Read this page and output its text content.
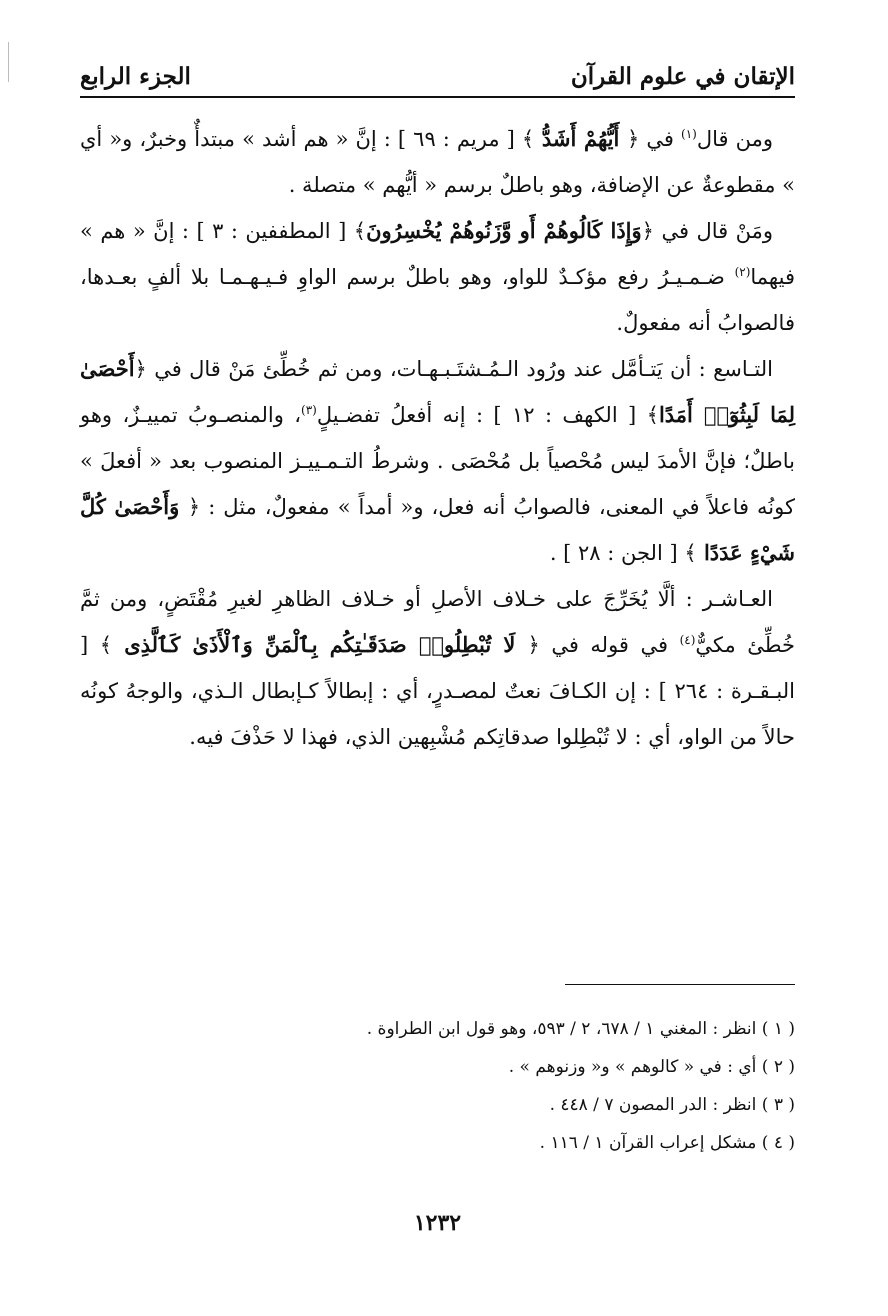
الإتقان في علوم القرآن
الجزء الرابع

ومن قال$^{(١)}$ في ﴿ أَيُّهُمْ أَشَدُّ ﴾ [ مريم : ٦٩ ] : إنَّ « هم أشد » مبتدأٌ وخبرٌ، و« أي » مقطوعةٌ عن الإضافة، وهو باطلٌ برسم « أيُّهم » متصلة .

ومَنْ قال في ﴿وَإِذَا كَالُوهُمْ أَو وَّزَنُوهُمْ يُخْسِرُونَ﴾ [ المطففين : ٣ ] : إنَّ « هم » فيهما$^{(٢)}$ ضـمـيـرُ رفع مؤكـدٌ للواو، وهو باطلٌ برسم الواوِ فـيـهـمـا بلا ألفٍ بعـدها، فالصوابُ أنه مفعولٌ.

التـاسع : أن يَتـأمَّل عند ورُود الـمُـشتَـبـهـات، ومن ثم خُطِّئ مَنْ قال في ﴿أَحْصَىٰ لِمَا لَبِثُوٓا۟ أَمَدًا﴾ [ الكهف : ١٢ ] : إنه أفعلُ تفضـيلٍ$^{(٣)}$، والمنصـوبُ تمييـزٌ، وهو باطلٌ؛ فإنَّ الأمدَ ليس مُحْصياً بل مُحْصَى . وشرطُ التـمـييـز المنصوب بعد « أفعلَ » كونُه فاعلاً في المعنى، فالصوابُ أنه فعل، و« أمداً » مفعولٌ، مثل : ﴿ وَأَحْصَىٰ كُلَّ شَيْءٍ عَدَدًا ﴾ [ الجن : ٢٨ ] .

العـاشـر : ألَّا يُخَرِّجَ على خـلاف الأصلِ أو خـلاف الظاهرِ لغيرِ مُقْتَضٍ، ومن ثمَّ خُطِّئ مكيٌّ$^{(٤)}$ في قوله في ﴿ لَا تُبْطِلُوا۟ صَدَقَـٰتِكُم بِٱلْمَنِّ وَٱلْأَذَىٰ كَٱلَّذِى ﴾ [ البـقـرة : ٢٦٤ ] : إن الكـافَ نعتٌ لمصـدرٍ، أي : إبطالاً كـإبطال الـذي، والوجهُ كونُه حالاً من الواو، أي : لا تُبْطِلوا صدقاتِكم مُشْبِهين الذي، فهذا لا حَذْفَ فيه.

( ١ ) انظر : المغني ١ / ٦٧٨، ٢ / ٥٩٣، وهو قول ابن الطراوة .
( ٢ ) أي : في « كالوهم » و« وزنوهم » .
( ٣ ) انظر : الدر المصون ٧ / ٤٤٨ .
( ٤ ) مشكل إعراب القرآن ١ / ١١٦ .
١٢٣٢
